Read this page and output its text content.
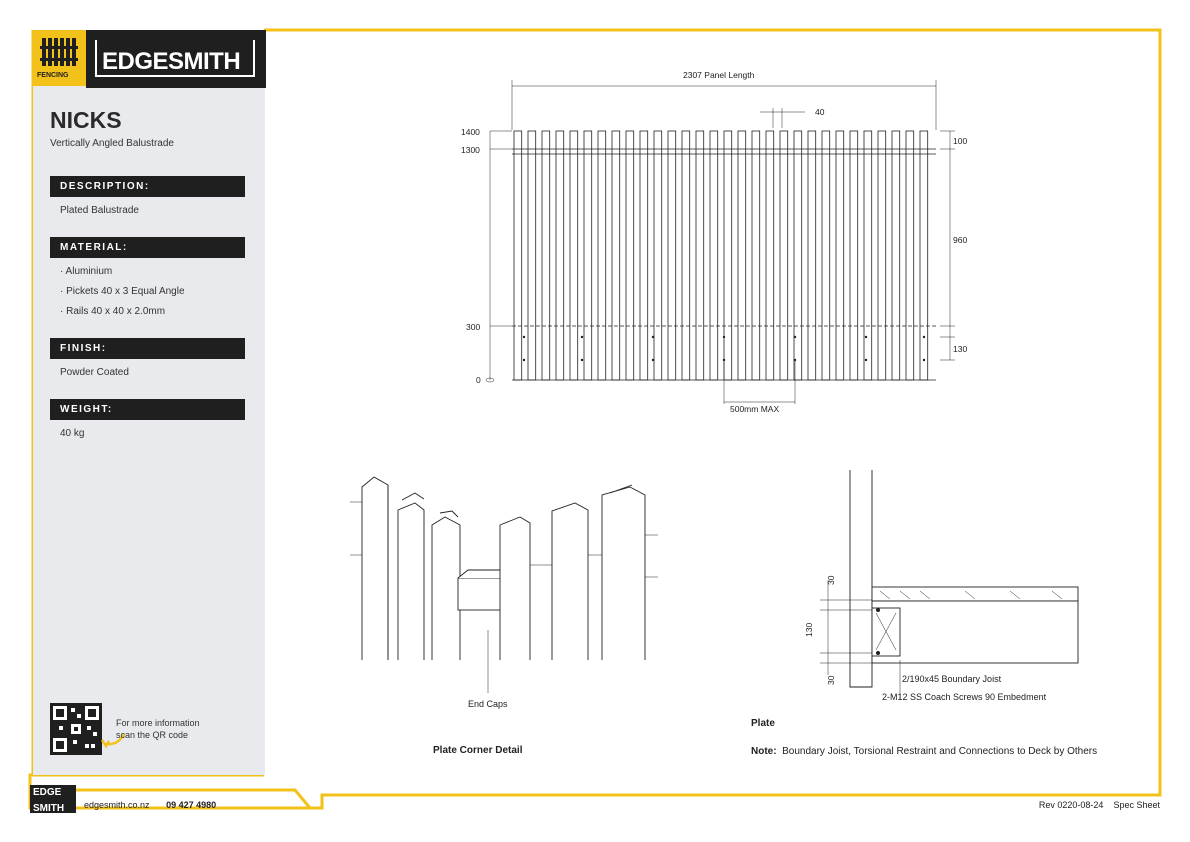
FENCING
EDGESMITH
NICKS
Vertically Angled Balustrade
DESCRIPTION:
Plated Balustrade
MATERIAL:
· Aluminium
· Pickets 40 x 3 Equal Angle
· Rails 40 x 40 x 2.0mm
FINISH:
Powder Coated
WEIGHT:
40 kg
For more information
scan the QR code
1400
1300
300
0
2307 Panel Length
40
100
960
130
500mm MAX
End Caps
30
130
30	2/190x45 Boundary Joist
2-M12 SS Coach Screws 90 Embedment
Plate
Plate Corner Detail	Note: Boundary Joist, Torsional Restraint and Connections to Deck by Others
EDGE
SMITH	edgesmith.co.nz 09 427 4980	Rev 0220-08-24 Spec Sheet
